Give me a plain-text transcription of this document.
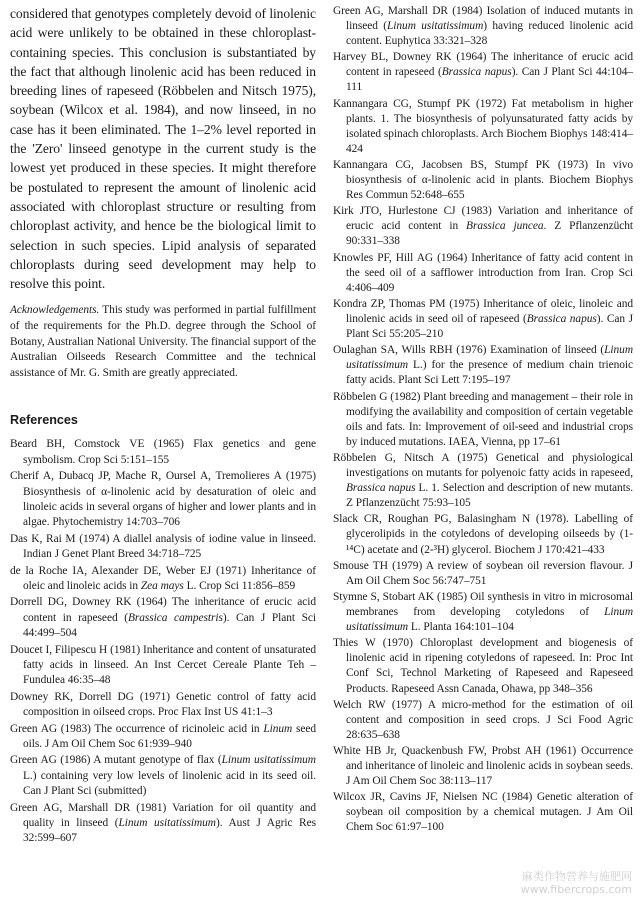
considered that genotypes completely devoid of linolenic acid were unlikely to be obtained in these chloroplast-containing species. This conclusion is substantiated by the fact that although linolenic acid has been reduced in breeding lines of rapeseed (Röbbelen and Nitsch 1975), soybean (Wilcox et al. 1984), and now linseed, in no case has it been eliminated. The 1–2% level reported in the 'Zero' linseed genotype in the current study is the lowest yet produced in these species. It might therefore be postulated to represent the amount of linolenic acid associated with chloroplast structure or resulting from chloroplast activity, and hence be the biological limit to selection in such species. Lipid analysis of separated chloroplasts during seed development may help to resolve this point.

Acknowledgements. This study was performed in partial fulfillment of the requirements for the Ph.D. degree through the School of Botany, Australian National University. The financial support of the Australian Oilseeds Research Committee and the technical assistance of Mr. G. Smith are greatly appreciated.

References
Beard BH, Comstock VE (1965) Flax genetics and gene symbolism. Crop Sci 5:151–155
Cherif A, Dubacq JP, Mache R, Oursel A, Tremolieres A (1975) Biosynthesis of α-linolenic acid by desaturation of oleic and linoleic acids in several organs of higher and lower plants and in algae. Phytochemistry 14:703–706
Das K, Rai M (1974) A diallel analysis of iodine value in linseed. Indian J Genet Plant Breed 34:718–725
de la Roche IA, Alexander DE, Weber EJ (1971) Inheritance of oleic and linoleic acids in Zea mays L. Crop Sci 11:856–859
Dorrell DG, Downey RK (1964) The inheritance of erucic acid content in rapeseed (Brassica campestris). Can J Plant Sci 44:499–504
Doucet I, Filipescu H (1981) Inheritance and content of unsaturated fatty acids in linseed. An Inst Cercet Cereale Plante Teh – Fundulea 46:35–48
Downey RK, Dorrell DG (1971) Genetic control of fatty acid composition in oilseed crops. Proc Flax Inst US 41:1–3
Green AG (1983) The occurrence of ricinoleic acid in Linum seed oils. J Am Oil Chem Soc 61:939–940
Green AG (1986) A mutant genotype of flax (Linum usitatissimum L.) containing very low levels of linolenic acid in its seed oil. Can J Plant Sci (submitted)
Green AG, Marshall DR (1981) Variation for oil quantity and quality in linseed (Linum usitatissimum). Aust J Agric Res 32:599–607
Green AG, Marshall DR (1984) Isolation of induced mutants in linseed (Linum usitatissimum) having reduced linolenic acid content. Euphytica 33:321–328
Harvey BL, Downey RK (1964) The inheritance of erucic acid content in rapeseed (Brassica napus). Can J Plant Sci 44:104–111
Kannangara CG, Stumpf PK (1972) Fat metabolism in higher plants. 1. The biosynthesis of polyunsaturated fatty acids by isolated spinach chloroplasts. Arch Biochem Biophys 148:414–424
Kannangara CG, Jacobsen BS, Stumpf PK (1973) In vivo biosynthesis of α-linolenic acid in plants. Biochem Biophys Res Commun 52:648–655
Kirk JTO, Hurlestone CJ (1983) Variation and inheritance of erucic acid content in Brassica juncea. Z Pflanzenzücht 90:331–338
Knowles PF, Hill AG (1964) Inheritance of fatty acid content in the seed oil of a safflower introduction from Iran. Crop Sci 4:406–409
Kondra ZP, Thomas PM (1975) Inheritance of oleic, linoleic and linolenic acids in seed oil of rapeseed (Brassica napus). Can J Plant Sci 55:205–210
Oulaghan SA, Wills RBH (1976) Examination of linseed (Linum usitatissimum L.) for the presence of medium chain trienoic fatty acids. Plant Sci Lett 7:195–197
Röbbelen G (1982) Plant breeding and management – their role in modifying the availability and composition of certain vegetable oils and fats. In: Improvement of oil-seed and industrial crops by induced mutations. IAEA, Vienna, pp 17–61
Röbbelen G, Nitsch A (1975) Genetical and physiological investigations on mutants for polyenoic fatty acids in rapeseed, Brassica napus L. 1. Selection and description of new mutants. Z Pflanzenzücht 75:93–105
Slack CR, Roughan PG, Balasingham N (1978). Labelling of glycerolipids in the cotyledons of developing oilseeds by (1-¹⁴C) acetate and (2-³H) glycerol. Biochem J 170:421–433
Smouse TH (1979) A review of soybean oil reversion flavour. J Am Oil Chem Soc 56:747–751
Stymne S, Stobart AK (1985) Oil synthesis in vitro in microsomal membranes from developing cotyledons of Linum usitatissimum L. Planta 164:101–104
Thies W (1970) Chloroplast development and biogenesis of linolenic acid in ripening cotyledons of rapeseed. In: Proc Int Conf Sci, Technol Marketing of Rapeseed and Rapeseed Products. Rapeseed Assn Canada, Ohawa, pp 348–356
Welch RW (1977) A micro-method for the estimation of oil content and composition in seed crops. J Sci Food Agric 28:635–638
White HB Jr, Quackenbush FW, Probst AH (1961) Occurrence and inheritance of linoleic and linolenic acids in soybean seeds. J Am Oil Chem Soc 38:113–117
Wilcox JR, Cavins JF, Nielsen NC (1984) Genetic alteration of soybean oil composition by a chemical mutagen. J Am Oil Chem Soc 61:97–100
麻类作物营养与施肥网
www.fibercrops.com
